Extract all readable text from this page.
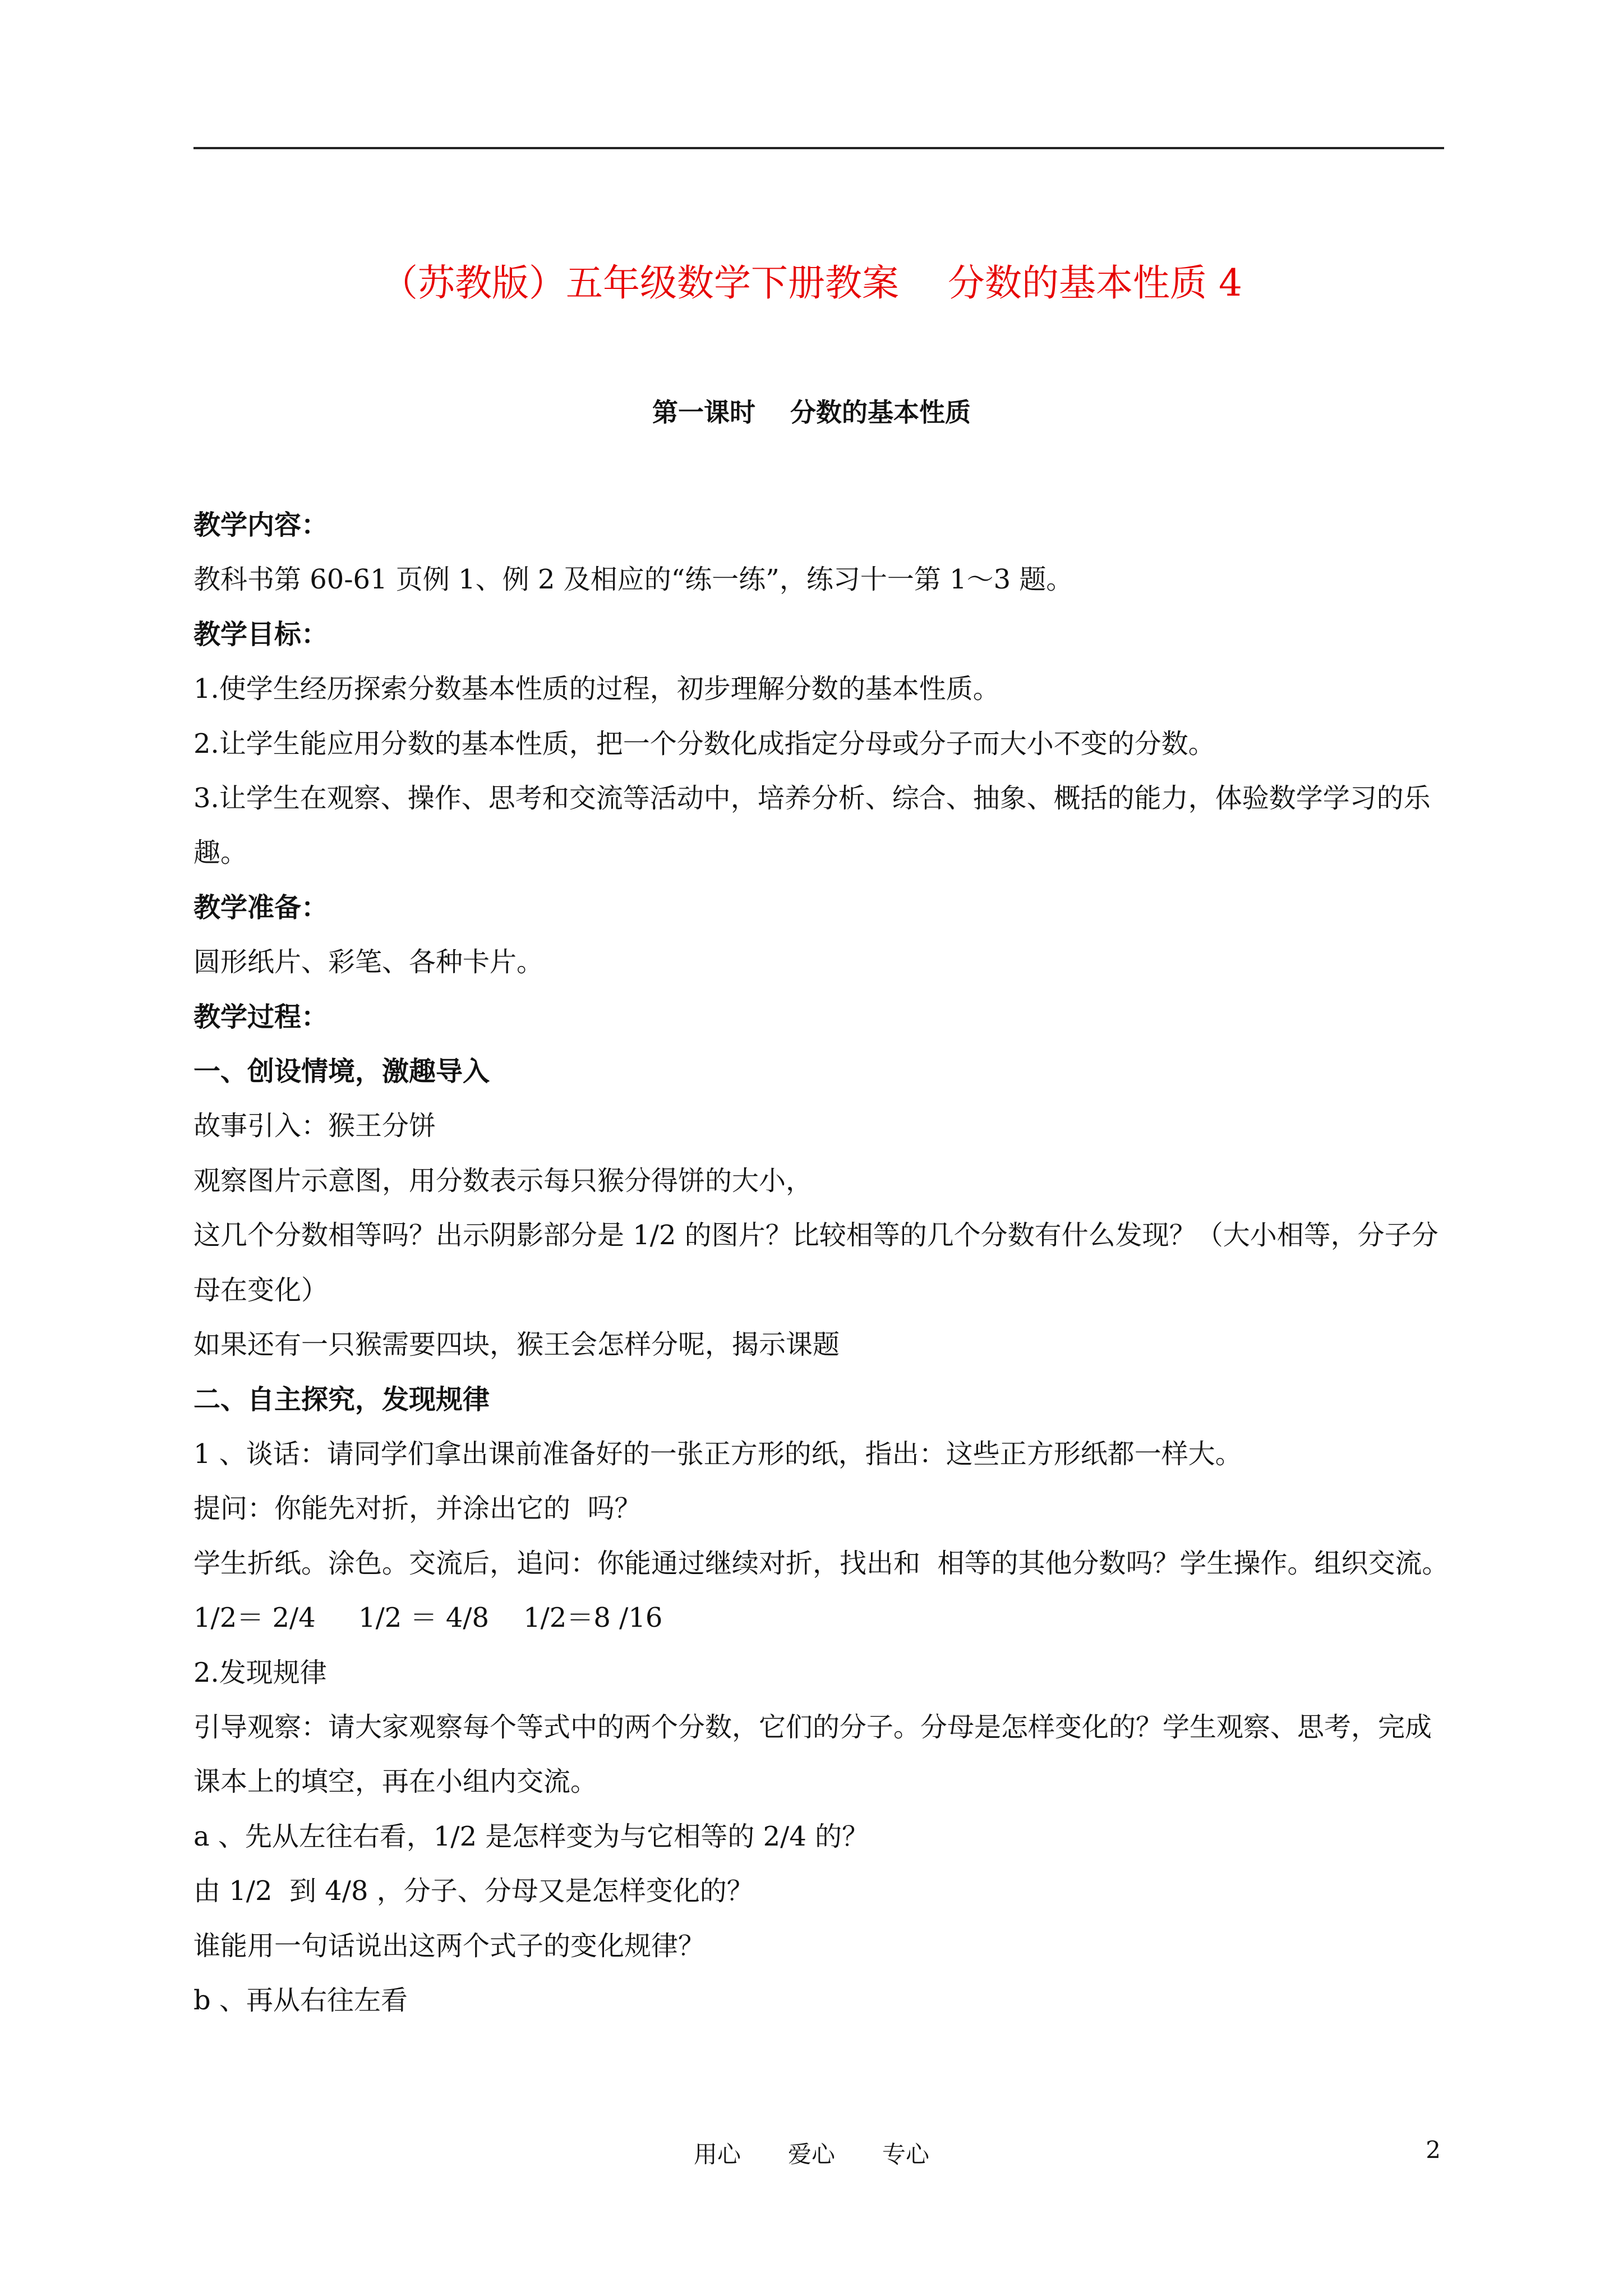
（苏教版）五年级数学下册教案　 分数的基本性质 4
第一课时　 分数的基本性质

教学内容：

教科书第 60-61 页例 1、例 2 及相应的“练一练”，练习十一第 1～3 题。

教学目标：

1.使学生经历探索分数基本性质的过程，初步理解分数的基本性质。

2.让学生能应用分数的基本性质，把一个分数化成指定分母或分子而大小不变的分数。

3.让学生在观察、操作、思考和交流等活动中，培养分析、综合、抽象、概括的能力，体验数学学习的乐趣。

教学准备：

圆形纸片、彩笔、各种卡片。

教学过程：

一、创设情境，激趣导入

故事引入：猴王分饼

观察图片示意图，用分数表示每只猴分得饼的大小，

这几个分数相等吗？出示阴影部分是 1/2 的图片？比较相等的几个分数有什么发现？（大小相等，分子分母在变化）

如果还有一只猴需要四块，猴王会怎样分呢，揭示课题

二、自主探究，发现规律

1 、谈话：请同学们拿出课前准备好的一张正方形的纸，指出：这些正方形纸都一样大。

提问：你能先对折，并涂出它的  吗？

学生折纸。涂色。交流后，追问：你能通过继续对折，找出和  相等的其他分数吗？学生操作。组织交流。

1/2＝ 2/4     1/2 ＝ 4/8    1/2＝8 /16

2.发现规律

引导观察：请大家观察每个等式中的两个分数，它们的分子。分母是怎样变化的？学生观察、思考，完成课本上的填空，再在小组内交流。

a 、先从左往右看，1/2 是怎样变为与它相等的 2/4 的？

由 1/2  到 4/8 ，分子、分母又是怎样变化的？

谁能用一句话说出这两个式子的变化规律？

b 、再从右往左看

用心　　爱心　　专心	2
